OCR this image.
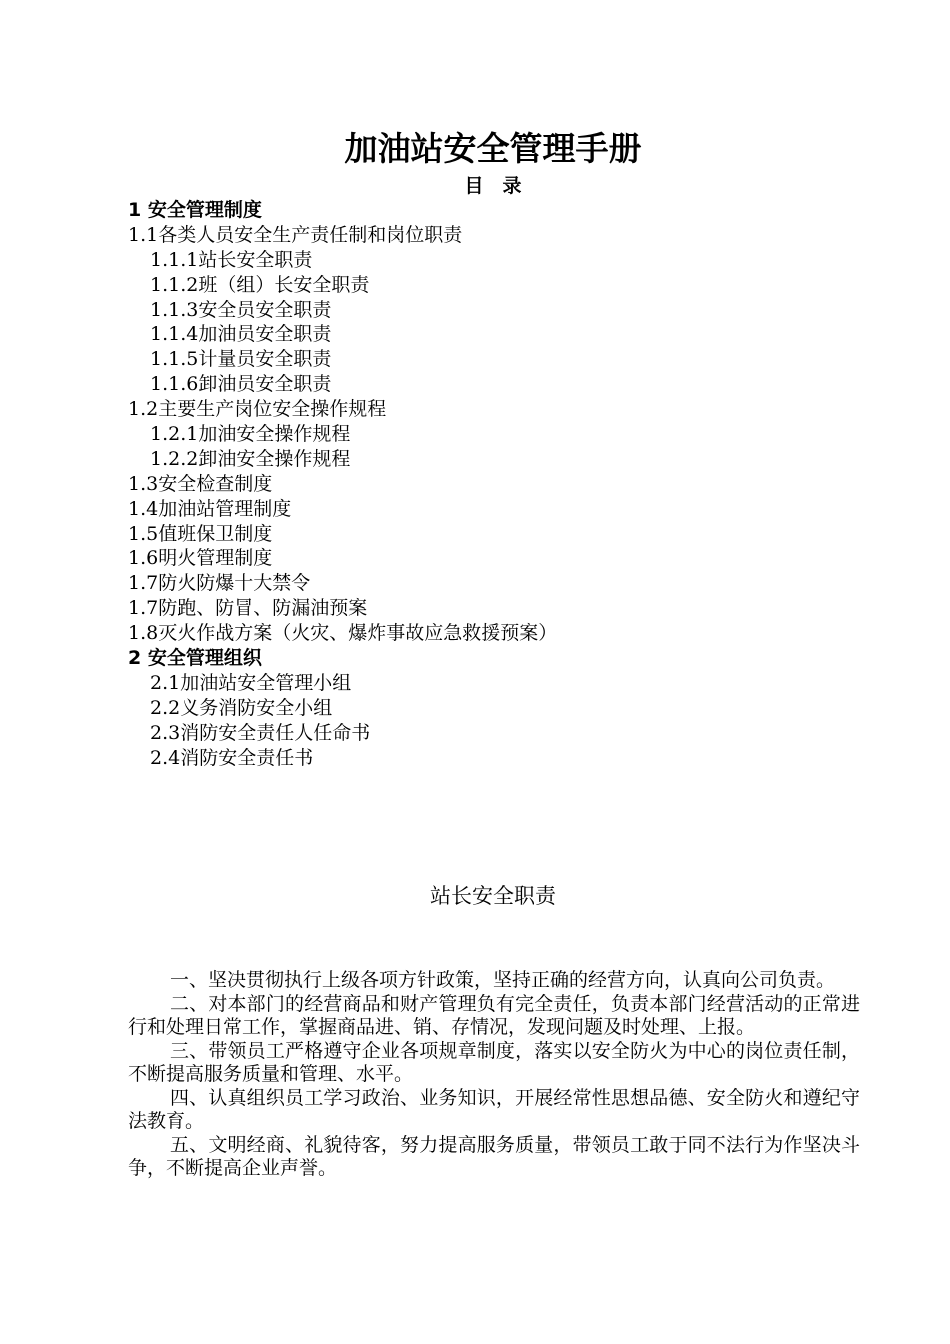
加油站安全管理手册
目　录
1 安全管理制度
1.1各类人员安全生产责任制和岗位职责
1.1.1站长安全职责
1.1.2班（组）长安全职责
1.1.3安全员安全职责
1.1.4加油员安全职责
1.1.5计量员安全职责
1.1.6卸油员安全职责
1.2主要生产岗位安全操作规程
1.2.1加油安全操作规程
1.2.2卸油安全操作规程
1.3安全检查制度
1.4加油站管理制度
1.5值班保卫制度
1.6明火管理制度
1.7防火防爆十大禁令
1.7防跑、防冒、防漏油预案
1.8灭火作战方案（火灾、爆炸事故应急救援预案）
2 安全管理组织
2.1加油站安全管理小组
2.2义务消防安全小组
2.3消防安全责任人任命书
2.4消防安全责任书
站长安全职责

一、坚决贯彻执行上级各项方针政策，坚持正确的经营方向，认真向公司负责。

二、对本部门的经营商品和财产管理负有完全责任，负责本部门经营活动的正常进行和处理日常工作，掌握商品进、销、存情况，发现问题及时处理、上报。

三、带领员工严格遵守企业各项规章制度，落实以安全防火为中心的岗位责任制，不断提高服务质量和管理、水平。

四、认真组织员工学习政治、业务知识，开展经常性思想品德、安全防火和遵纪守法教育。

五、文明经商、礼貌待客，努力提高服务质量，带领员工敢于同不法行为作坚决斗争，不断提高企业声誉。
